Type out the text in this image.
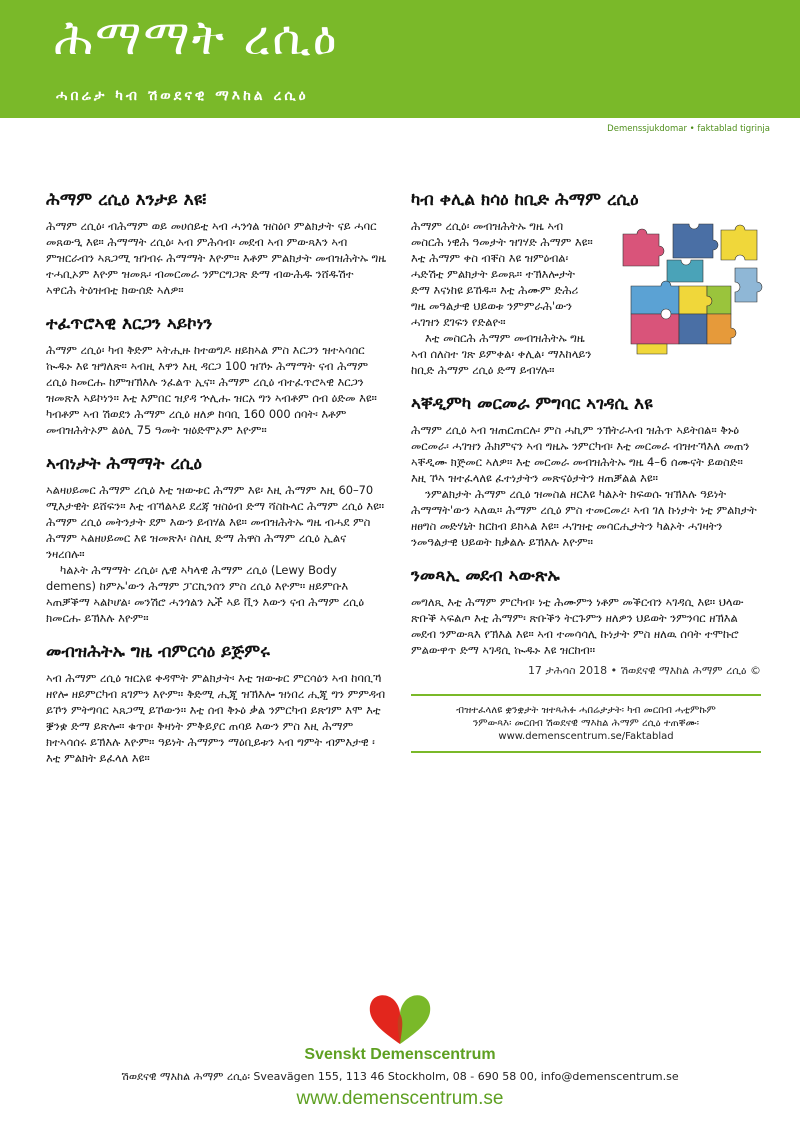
ሕማማት ረሲዕ
ሓበሬታ ካብ ሽወደናዊ ማእከል ረሲዕ
Demenssjukdomar • faktablad tigrinja
ሕማም ረሲዕ እንታይ እዩ፧

ሕማም ረሲዕ፡ ብሕማም ወይ መሀሰይቲ ኣብ ሓንጎል ዝስዕቦ ምልክታት ናይ ሓባር መጸውዒ እዩ። ሕማማት ረሲዕ፡ ኣብ ምሕሳብ፡ መደብ ኣብ ምውጻእን ኣብ ምዝርራብን ኣጸጋሚ ዝገብሩ ሕማማት እዮም። እቶም ምልክታት መብዝሕትኡ ግዜ ተሓቢኦም እዮም ዝመጹ፡ ብመርመራ ንምርግጋጽ ድማ ብውሕዱ ንሸዱሽተ ኣዋርሕ ትዕዝብቲ ክውሰድ ኣለዎ።

ተፈጥሮኣዊ እርጋን ኣይኮነን

ሕማም ረሲዕ፡ ካብ ቅድም ኣትሒዙ ከተወግዶ ዘይክኣል ምስ እርጋን ዝተኣሳሰር ኲዱኑ እዩ ዝግለጽ። ኣብዚ እዋን እዚ ዳርጋ 100 ዝኾኑ ሕማማት ናብ ሕማም ረሲዕ ክመርሑ ከምዝኽእሉ ንፈልጥ ኢና። ሕማም ረሲዕ ብተፈጥሮኣዊ እርጋን ዝመጽእ ኣይኮነን። እቲ እምበር ዝያዳ ኍሊሑ ዝርአ ግን ኣብቶም ሰብ ዕድመ እዩ። ካብቶም ኣብ ሽወደን ሕማም ረሲዕ ዘለዎ ከባቢ 160 000 ሰባት፡ እቶም መብዝሕትኦም ልዕሊ 75 ዓመት ዝዕድሞኦም እዮም።

ኣብነታት ሕማማት ረሲዕ

ኣልዛሀይመር ሕማም ረሲዕ እቲ ዝውቱር ሕማም እዩ፡ እዚ ሕማም እዚ 60–70 ሚእታዊት ይሸፍን። እቲ ብኻልኣይ ደረጃ ዝስዕብ ድማ ሻስኩላር ሕማም ረሲዕ እዩ። ሕማም ረሲዕ መትንታት ደም እውን ይብሃል እዩ። መብዝሕትኡ ግዜ ብሓደ ምስ ሕማም ኣልዘሀይመር እዩ ዝመጽእ፡ ስለዚ ድማ ሕዋስ ሕማም ረሲዕ ኢልና ንዛረበሉ።

ካልኦት ሕማማት ረሲዕ፡ ሌዊ ኣካላዊ ሕማም ረሲዕ (Lewy Body demens) ከምኡ'ውን ሕማም ፓርኪንሰን ምስ ረሲዕ እዮም። ዘይምቡእ ኣጠቓቕማ ኣልኮሆል፡ መንሽሮ ሓንጎልን ኤች ኣይ ቪን እውን ናብ ሕማም ረሲዕ ክመርሑ ይኽእሉ እዮም።

መብዝሕትኡ ግዜ ብምርሳዕ ይጅምሩ

ኣብ ሕማም ረሲዕ ዝርአዩ ቀዳሞት ምልክታት፡ እቲ ዝውቱር ምርሳዕን ኣብ ከባቢኻ ዘየሎ ዘይምርካብ ጸገምን እዮም። ቅድሚ ሒጂ ዝኽእሎ ዝነበረ ሒጂ ግን ምምዳብ ይኾን ምትግባር ኣጸጋሚ ይኾውን። እቲ ሰብ ቅኑዕ ቃል ንምርካብ ይጽገም እሞ እቲ ቛንቋ ድማ ይጽሎ። ቁጥዐ፡ ቅዛነት ምቅይያር ጠባይ እውን ምስ እዚ ሕማም ክተኣሳሰሩ ይኽእሉ እዮም። ዓይነት ሕማምን ማዕቢይቱን ኣብ ግምት ብምእታዊ ፡እቲ ምልክት ይፈላለ እዩ።

ካብ ቀሊል ክሳዕ ከቢድ ሕማም ረሲዕ

ሕማም ረሲዕ፡ መብዝሕትኡ ግዜ ኣብ መስርሕ ነዊሕ ዓመታት ዝገሃድ ሕማም እዩ። እቲ ሕማም ቀስ ብቐስ እዩ ዝምዕብል፡ ሓድሽቲ ምልክታት ይመጹ። ተኽእሎታት ድማ እናነከዩ ይኸዱ። እቲ ሕሙም ድሕሪ ግዜ መዓልታዊ ህይወቱ ንምምራሕ'ውን ሓገዝን ደገፍን የድልዮ።

እቲ መስርሕ ሕማም መብዝሕትኡ ግዜ ኣብ ሰለስተ ገጽ ይምቀል፡ ቀሊል፡ ማእከላይን ከቢድ ሕማም ረሲዕ ድማ ይብሃሉ።

ኣቐዲምካ መርመራ ምግባር ኣገዳሲ እዩ

ሕማም ረሲዕ ኣብ ዝጠርጠርሉ፡ ምስ ሓኪም ንኽትራኣብ ዝሕጥ ኣይትበል። ቅኑዕ መርመራ፡ ሓገዝን ሕክምናን ኣብ ግዜኡ ንምርካብ፡ እቲ መርመራ ብዝተኻእለ መጠን ኣቐዲሙ ክጅመር ኣለዎ። እቲ መርመራ መብዝሕትኡ ግዜ 4–6 ሰሙናት ይወስድ። እዚ ኾኣ ዝተፈላለዩ ፈተነታትን መጽናዕታትን ዘጠቓልል እዩ።

ንምልክታት ሕማም ረሲዕ ዝመስል ዘርእዩ ካልኦት ክፍወሱ ዝኽእሉ ዓይነት ሕማማት'ውን ኣለዉ። ሕማም ረሲዕ ምስ ተመርመረ፡ ኣብ ገለ ኩነታት ነቲ ምልክታት ዘፀግስ መድሃኒት ክርከብ ይክኣል እዩ። ሓገዝቲ መሳርሒታትን ካልኦት ሓገዛትን ንመዓልታዊ ህይወት ክቃልሉ ይኽእሉ እዮም።

ንመጻኢ መደብ ኣውጽኡ

መግለጺ እቲ ሕማም ምርካብ፡ ነቲ ሕሙምን ነቶም መቕርብን ኣገዳሲ እዩ። ህላው ጽቡቕ ኣፍልጦ እቲ ሕማም፡ ጽቡቕን ትርጉምን ዘለዎን ህይወት ንምንባር ዘኽእል መደብ ንምውጻእ የኽእል እዩ። ኣብ ተመሳሳሊ ኩነታት ምስ ዘለዉ ሰባት ተሞኩሮ ምልውዋጥ ድማ ኣገዳሲ ኲዱኑ እዩ ዝርከብ።

17 ታሕሳስ 2018 • ሽወደናዊ ማእከል ሕማም ረሲዕ ©

ብዝተፈላለዩ ቋንቋታት ዝተጻሕፉ ሓበሬታታት፡ ካብ መርበብ ሓቲምኩም

ንምውጻእ፡ መርበብ ሽወደናዊ ማእከል ሕማም ረሲዕ ተጠቐሙ፡

www.demenscentrum.se/Faktablad

Svenskt Demenscentrum
ሽወደናዊ ማእከል ሕማም ረሲዕ፡ Sveavägen 155, 113 46 Stockholm, 08 - 690 58 00, info@demenscentrum.se
www.demenscentrum.se
